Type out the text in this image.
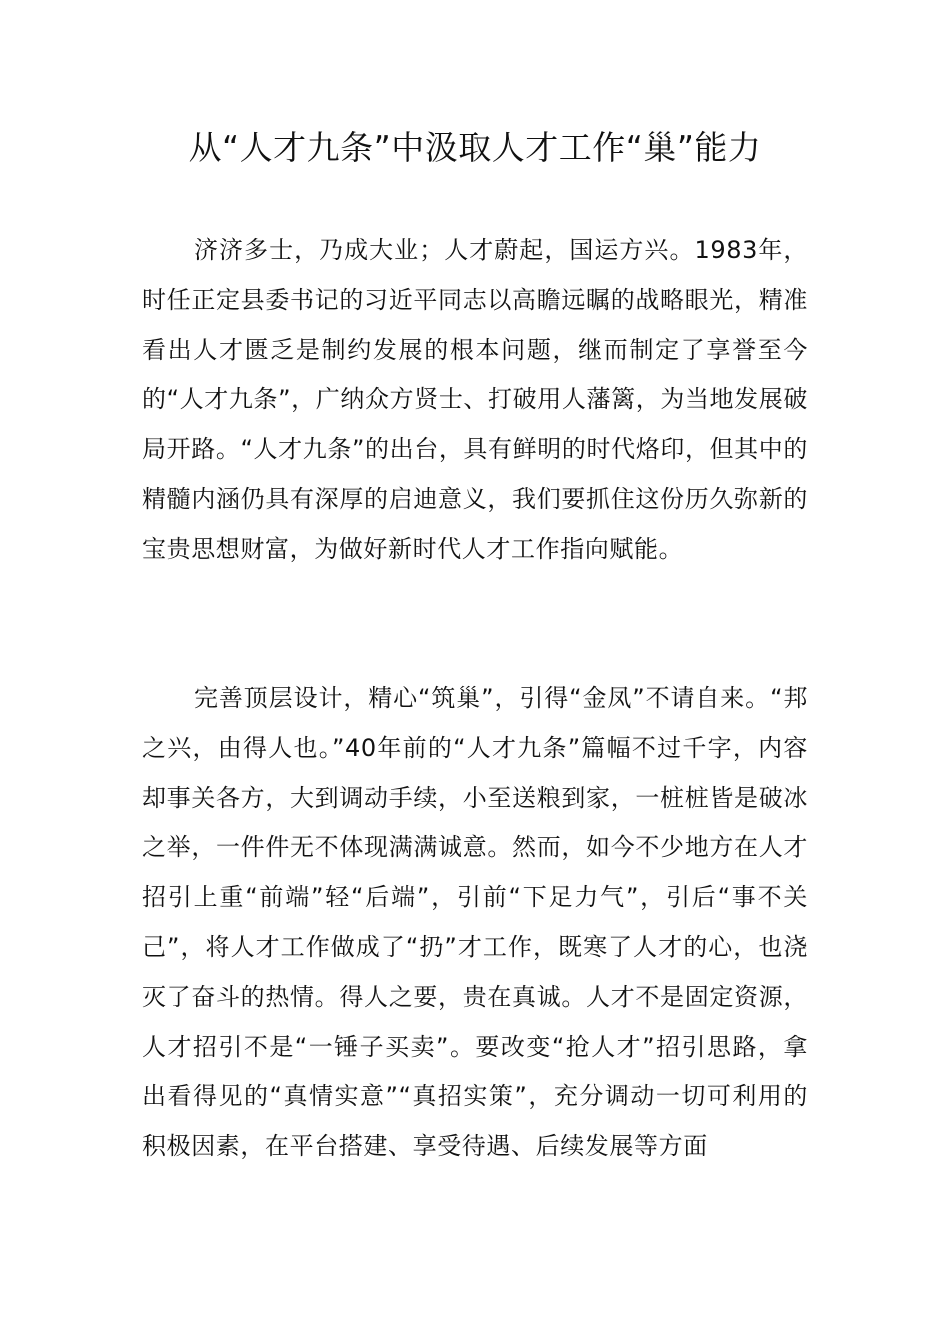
从“人才九条”中汲取人才工作“巢”能力

济济多士，乃成大业；人才蔚起，国运方兴。1983年，时任正定县委书记的习近平同志以高瞻远瞩的战略眼光，精准看出人才匮乏是制约发展的根本问题，继而制定了享誉至今的“人才九条”，广纳众方贤士、打破用人藩篱，为当地发展破局开路。“人才九条”的出台，具有鲜明的时代烙印，但其中的精髓内涵仍具有深厚的启迪意义，我们要抓住这份历久弥新的宝贵思想财富，为做好新时代人才工作指向赋能。

完善顶层设计，精心“筑巢”，引得“金凤”不请自来。“邦之兴，由得人也。”40年前的“人才九条”篇幅不过千字，内容却事关各方，大到调动手续，小至送粮到家，一桩桩皆是破冰之举，一件件无不体现满满诚意。然而，如今不少地方在人才招引上重“前端”轻“后端”，引前“下足力气”，引后“事不关己”，将人才工作做成了“扔”才工作，既寒了人才的心，也浇灭了奋斗的热情。得人之要，贵在真诚。人才不是固定资源，人才招引不是“一锤子买卖”。要改变“抢人才”招引思路，拿出看得见的“真情实意”“真招实策”，充分调动一切可利用的积极因素，在平台搭建、享受待遇、后续发展等方面
